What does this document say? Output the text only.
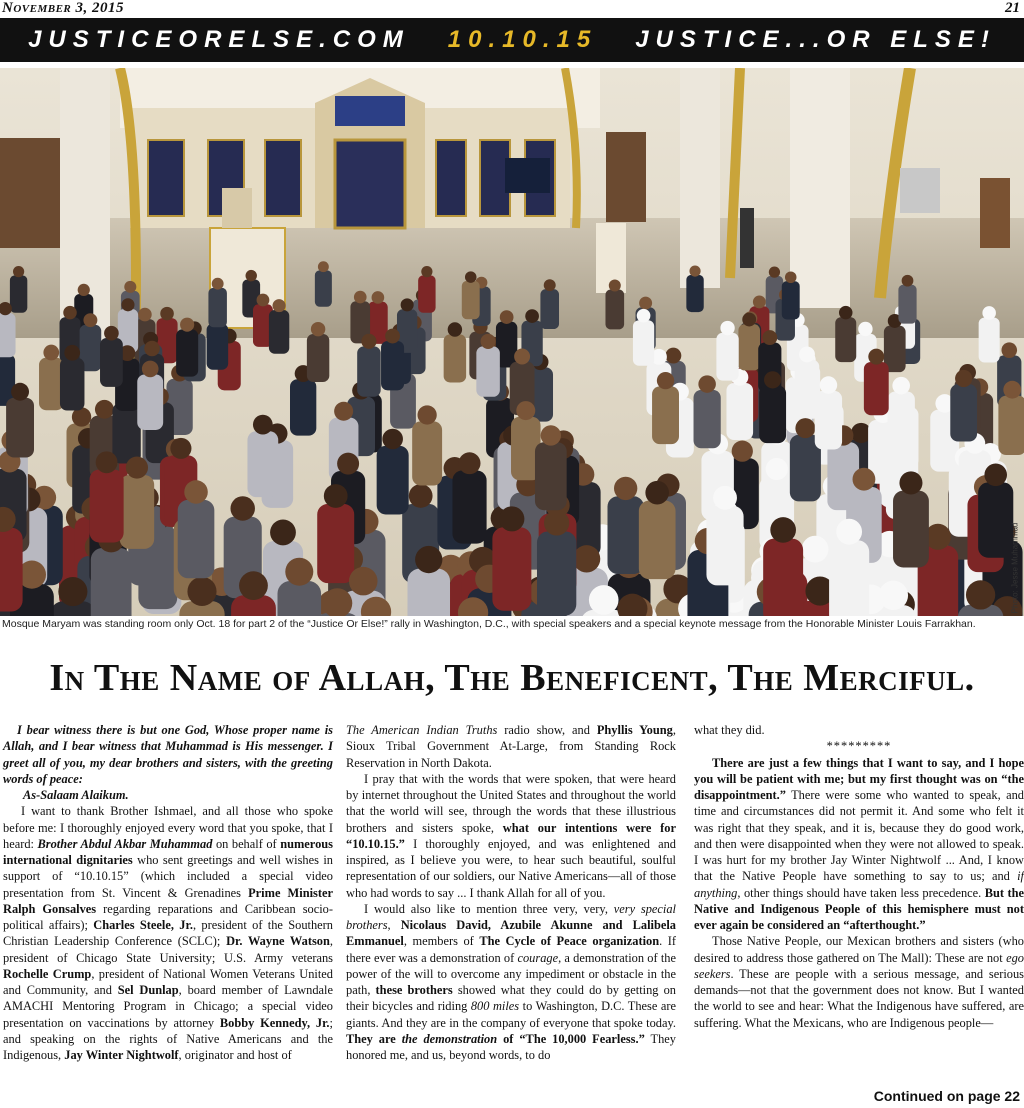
November 3, 2015	21
JUSTICEORELSE.COM 10.10.15 JUSTICE...OR ELSE!
Photo: Jesse Muhammad
Mosque Maryam was standing room only Oct. 18 for part 2 of the “Justice Or Else!” rally in Washington, D.C., with special speakers and a special keynote message from the Honorable Minister Louis Farrakhan.
In The Name of Allah, The Beneficent, The Merciful.

I bear witness there is but one God, Whose proper name is Allah, and I bear witness that Muhammad is His messenger. I greet all of you, my dear brothers and sisters, with the greeting words of peace:

As-Salaam Alaikum.

I want to thank Brother Ishmael, and all those who spoke before me: I thoroughly enjoyed every word that you spoke, that I heard: Brother Abdul Akbar Muhammad on behalf of numerous international dignitaries who sent greetings and well wishes in support of “10.10.15” (which included a special video presentation from St. Vincent & Grenadines Prime Minister Ralph Gonsalves regarding reparations and Caribbean socio-political affairs); Charles Steele, Jr., president of the Southern Christian Leadership Conference (SCLC); Dr. Wayne Watson, president of Chicago State University; U.S. Army veterans Rochelle Crump, president of National Women Veterans United and Community, and Sel Dunlap, board member of Lawndale AMACHI Mentoring Program in Chicago; a special video presentation on vaccinations by attorney Bobby Kennedy, Jr.; and speaking on the rights of Native Americans and the Indigenous, Jay Winter Nightwolf, originator and host of

The American Indian Truths radio show, and Phyllis Young, Sioux Tribal Government At-Large, from Standing Rock Reservation in North Dakota.

I pray that with the words that were spoken, that were heard by internet throughout the United States and throughout the world that the world will see, through the words that these illustrious brothers and sisters spoke, what our intentions were for “10.10.15.” I thoroughly enjoyed, and was enlightened and inspired, as I believe you were, to hear such beautiful, soulful representation of our soldiers, our Native Americans—all of those who had words to say ... I thank Allah for all of you.

I would also like to mention three very, very, very special brothers, Nicolaus David, Azubile Akunne and Lalibela Emmanuel, members of The Cycle of Peace organization. If there ever was a demonstration of courage, a demonstration of the power of the will to overcome any impediment or obstacle in the path, these brothers showed what they could do by getting on their bicycles and riding 800 miles to Washington, D.C. These are giants. And they are in the company of everyone that spoke today. They are the demonstration of “The 10,000 Fearless.” They honored me, and us, beyond words, to do

what they did.

*********

There are just a few things that I want to say, and I hope you will be patient with me; but my first thought was on “the disappointment.” There were some who wanted to speak, and time and circumstances did not permit it. And some who felt it was right that they speak, and it is, because they do good work, and then were disappointed when they were not allowed to speak. I was hurt for my brother Jay Winter Nightwolf ... And, I know that the Native People have something to say to us; and if anything, other things should have taken less precedence. But the Native and Indigenous People of this hemisphere must not ever again be considered an “afterthought.”

Those Native People, our Mexican brothers and sisters (who desired to address those gathered on The Mall): These are not ego seekers. These are people with a serious message, and serious demands—not that the government does not know. But I wanted the world to see and hear: What the Indigenous have suffered, are suffering. What the Mexicans, who are Indigenous people—

Continued on page 22
